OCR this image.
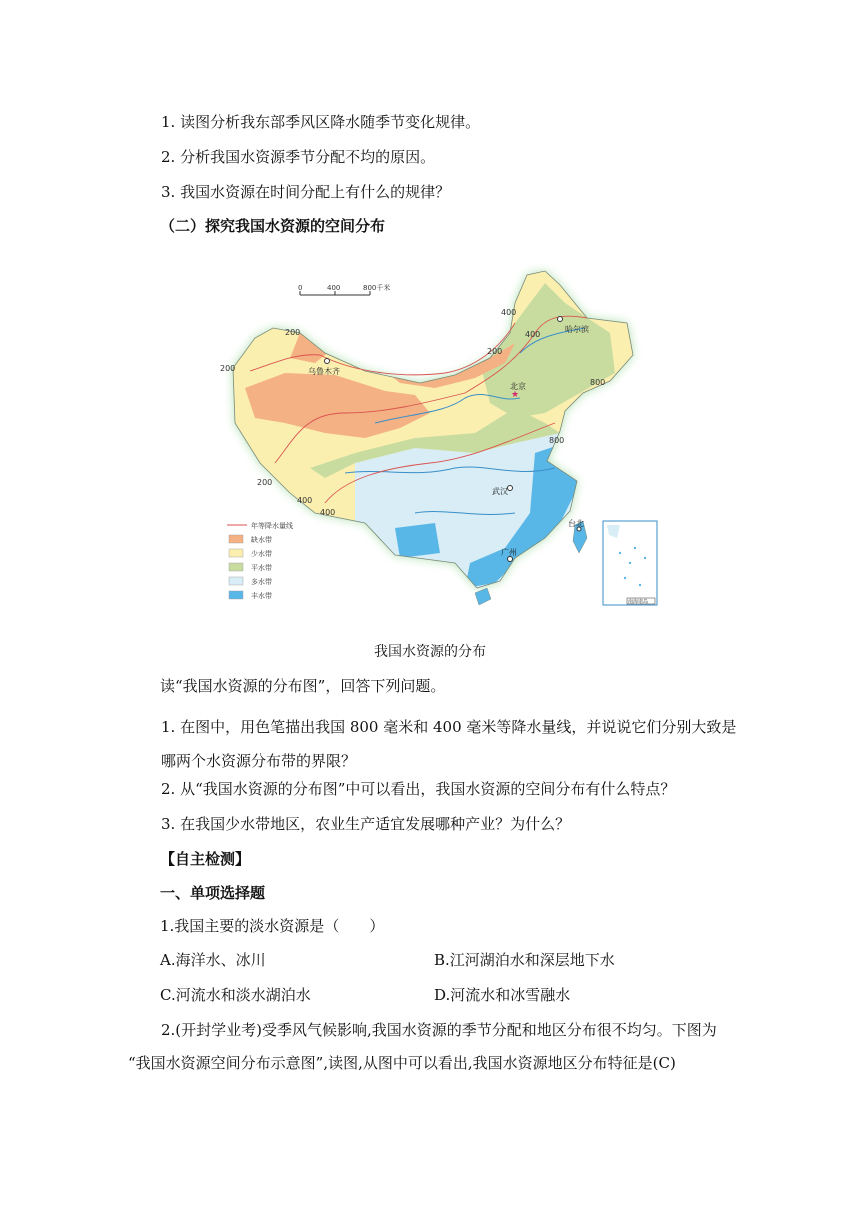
1. 读图分析我东部季风区降水随季节变化规律。
2. 分析我国水资源季节分配不均的原因。
3. 我国水资源在时间分配上有什么的规律？
（二）探究我国水资源的空间分布
200
200
200
200
400
400
400
800
800
400
0	400	800千米
乌鲁木齐
哈尔滨
★
北京
武汉
广州
台北
南海诸岛
年等降水量线
缺水带
少水带
平水带
多水带
丰水带
我国水资源的分布
读“我国水资源的分布图”，回答下列问题。
1. 在图中，用色笔描出我国 800 毫米和 400 毫米等降水量线，并说说它们分别大致是哪两个水资源分布带的界限？
2. 从“我国水资源的分布图”中可以看出，我国水资源的空间分布有什么特点？
3. 在我国少水带地区，农业生产适宜发展哪种产业？为什么？
【自主检测】
一、单项选择题
1.我国主要的淡水资源是（　　）
A.海洋水、冰川	B.江河湖泊水和深层地下水
C.河流水和淡水湖泊水	D.河流水和冰雪融水
2.(开封学业考)受季风气候影响,我国水资源的季节分配和地区分布很不均匀。下图为
“我国水资源空间分布示意图”,读图,从图中可以看出,我国水资源地区分布特征是(C)
